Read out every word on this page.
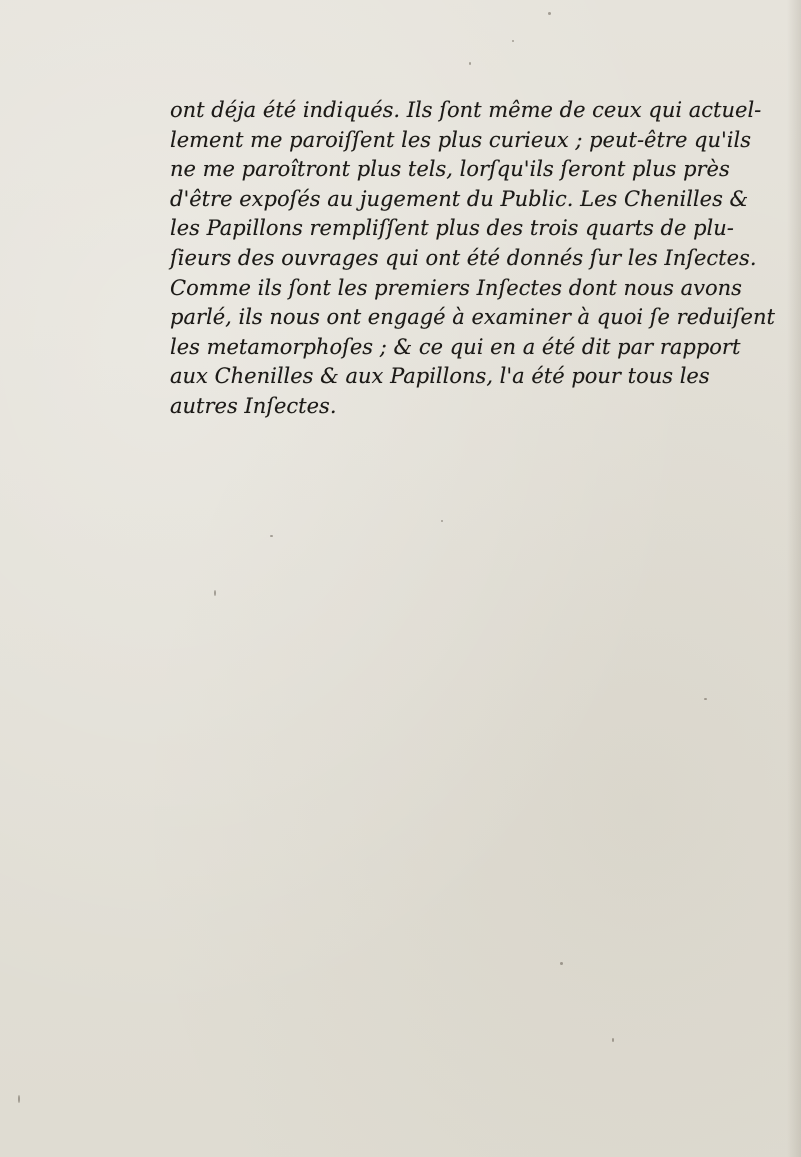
ont déja été indiqués. Ils ſont même de ceux qui actuel-
lement me paroiſſent les plus curieux ; peut-être qu'ils
ne me paroîtront plus tels, lorſqu'ils ſeront plus près
d'être expoſés au jugement du Public. Les Chenilles &
les Papillons rempliſſent plus des trois quarts de plu-
ſieurs des ouvrages qui ont été donnés ſur les Inſectes.
Comme ils ſont les premiers Inſectes dont nous avons
parlé, ils nous ont engagé à examiner à quoi ſe reduiſent
les metamorphoſes ; & ce qui en a été dit par rapport
aux Chenilles & aux Papillons, l'a été pour tous les
autres Inſectes.
